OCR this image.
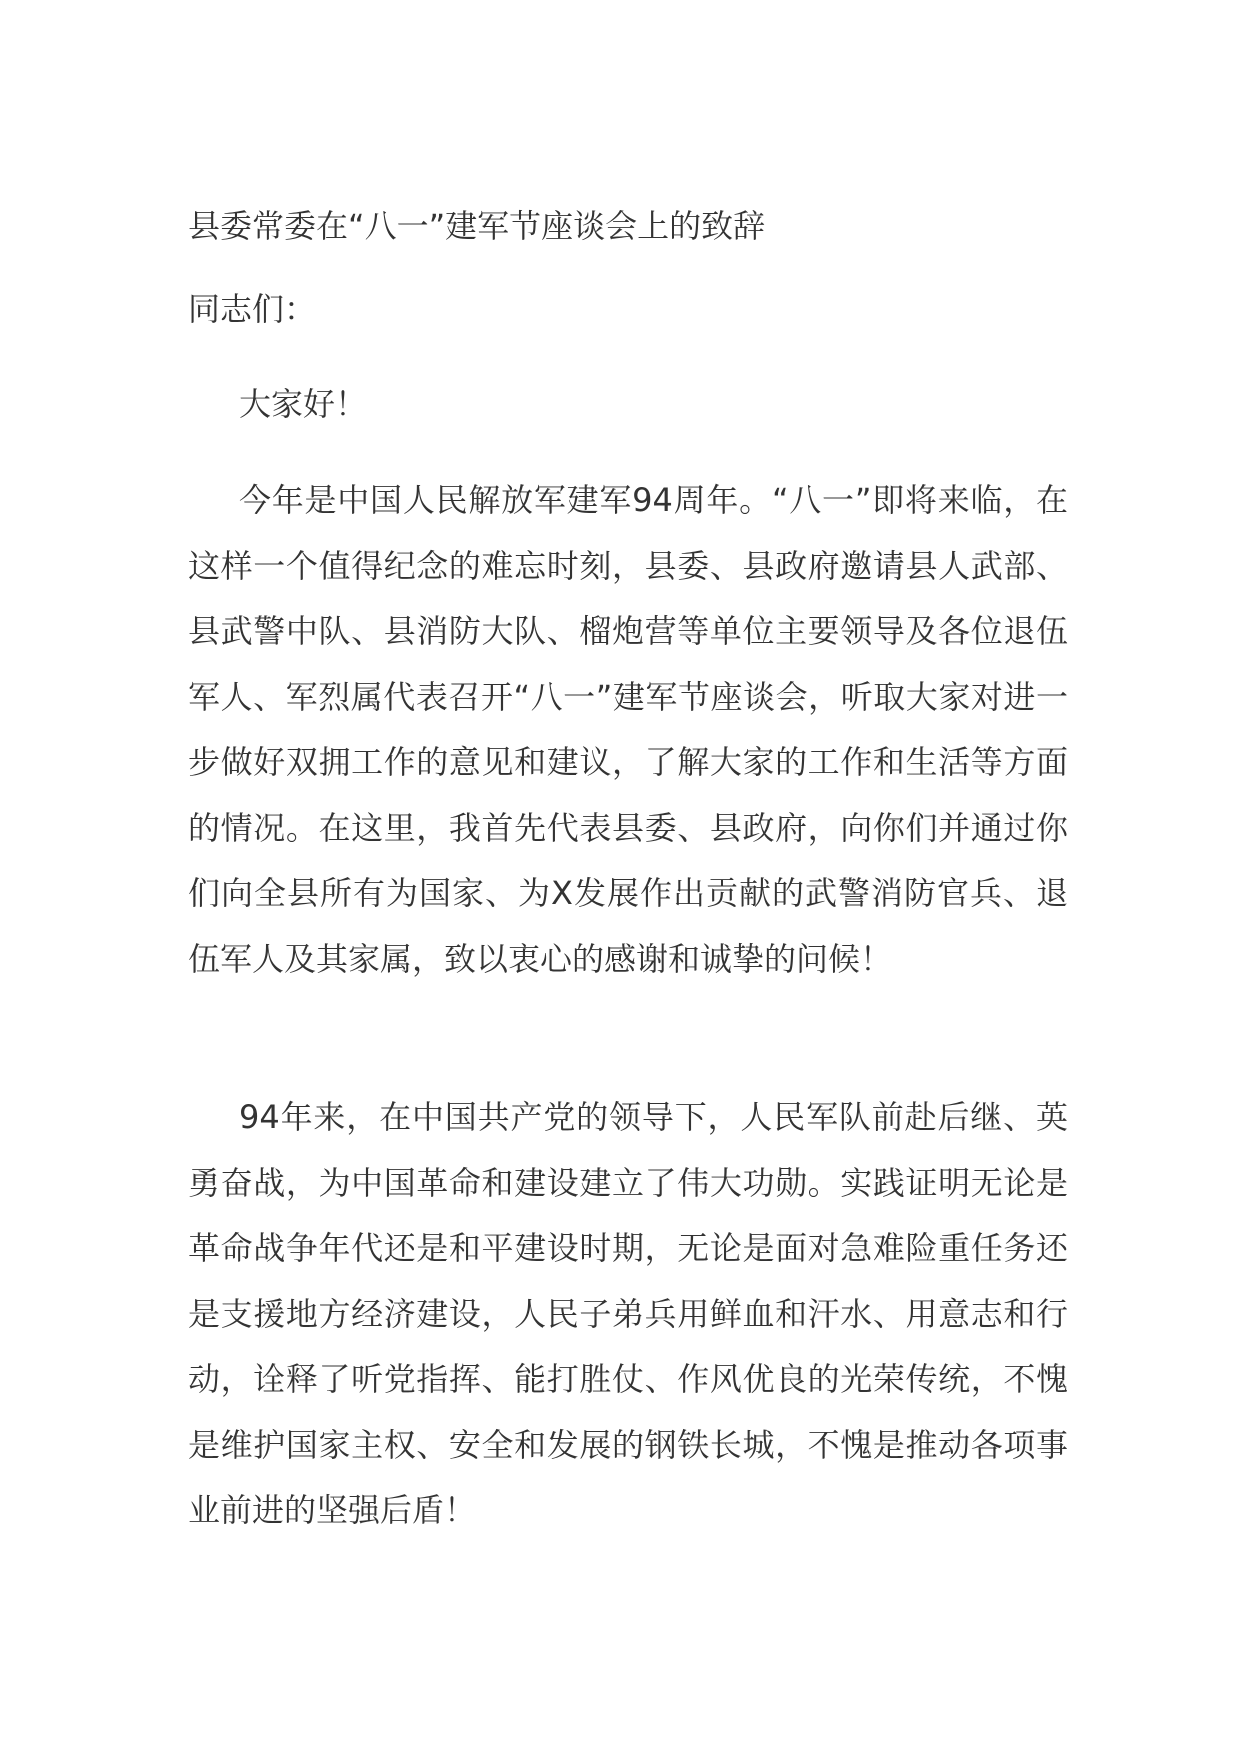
县委常委在“八一”建军节座谈会上的致辞
同志们：

大家好！

今年是中国人民解放军建军94周年。“八一”即将来临，在这样一个值得纪念的难忘时刻，县委、县政府邀请县人武部、县武警中队、县消防大队、榴炮营等单位主要领导及各位退伍军人、军烈属代表召开“八一”建军节座谈会，听取大家对进一步做好双拥工作的意见和建议，了解大家的工作和生活等方面的情况。在这里，我首先代表县委、县政府，向你们并通过你们向全县所有为国家、为X发展作出贡献的武警消防官兵、退伍军人及其家属，致以衷心的感谢和诚挚的问候！

94年来，在中国共产党的领导下，人民军队前赴后继、英勇奋战，为中国革命和建设建立了伟大功勋。实践证明无论是革命战争年代还是和平建设时期，无论是面对急难险重任务还是支援地方经济建设，人民子弟兵用鲜血和汗水、用意志和行动，诠释了听党指挥、能打胜仗、作风优良的光荣传统，不愧是维护国家主权、安全和发展的钢铁长城，不愧是推动各项事业前进的坚强后盾！
